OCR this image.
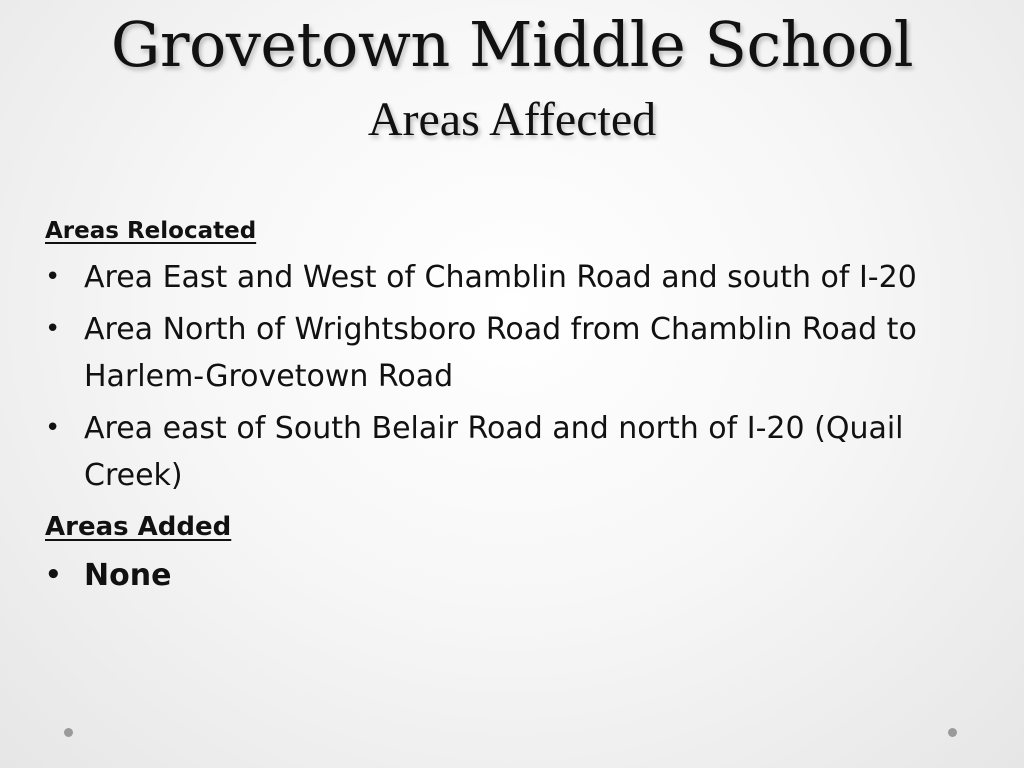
Grovetown Middle School
Areas Affected
Areas Relocated
• Area East and West of Chamblin Road and south of I-20
• Area North of Wrightsboro Road from Chamblin Road to Harlem-Grovetown Road
• Area east of South Belair Road and north of I-20 (Quail Creek)
Areas Added
• None
